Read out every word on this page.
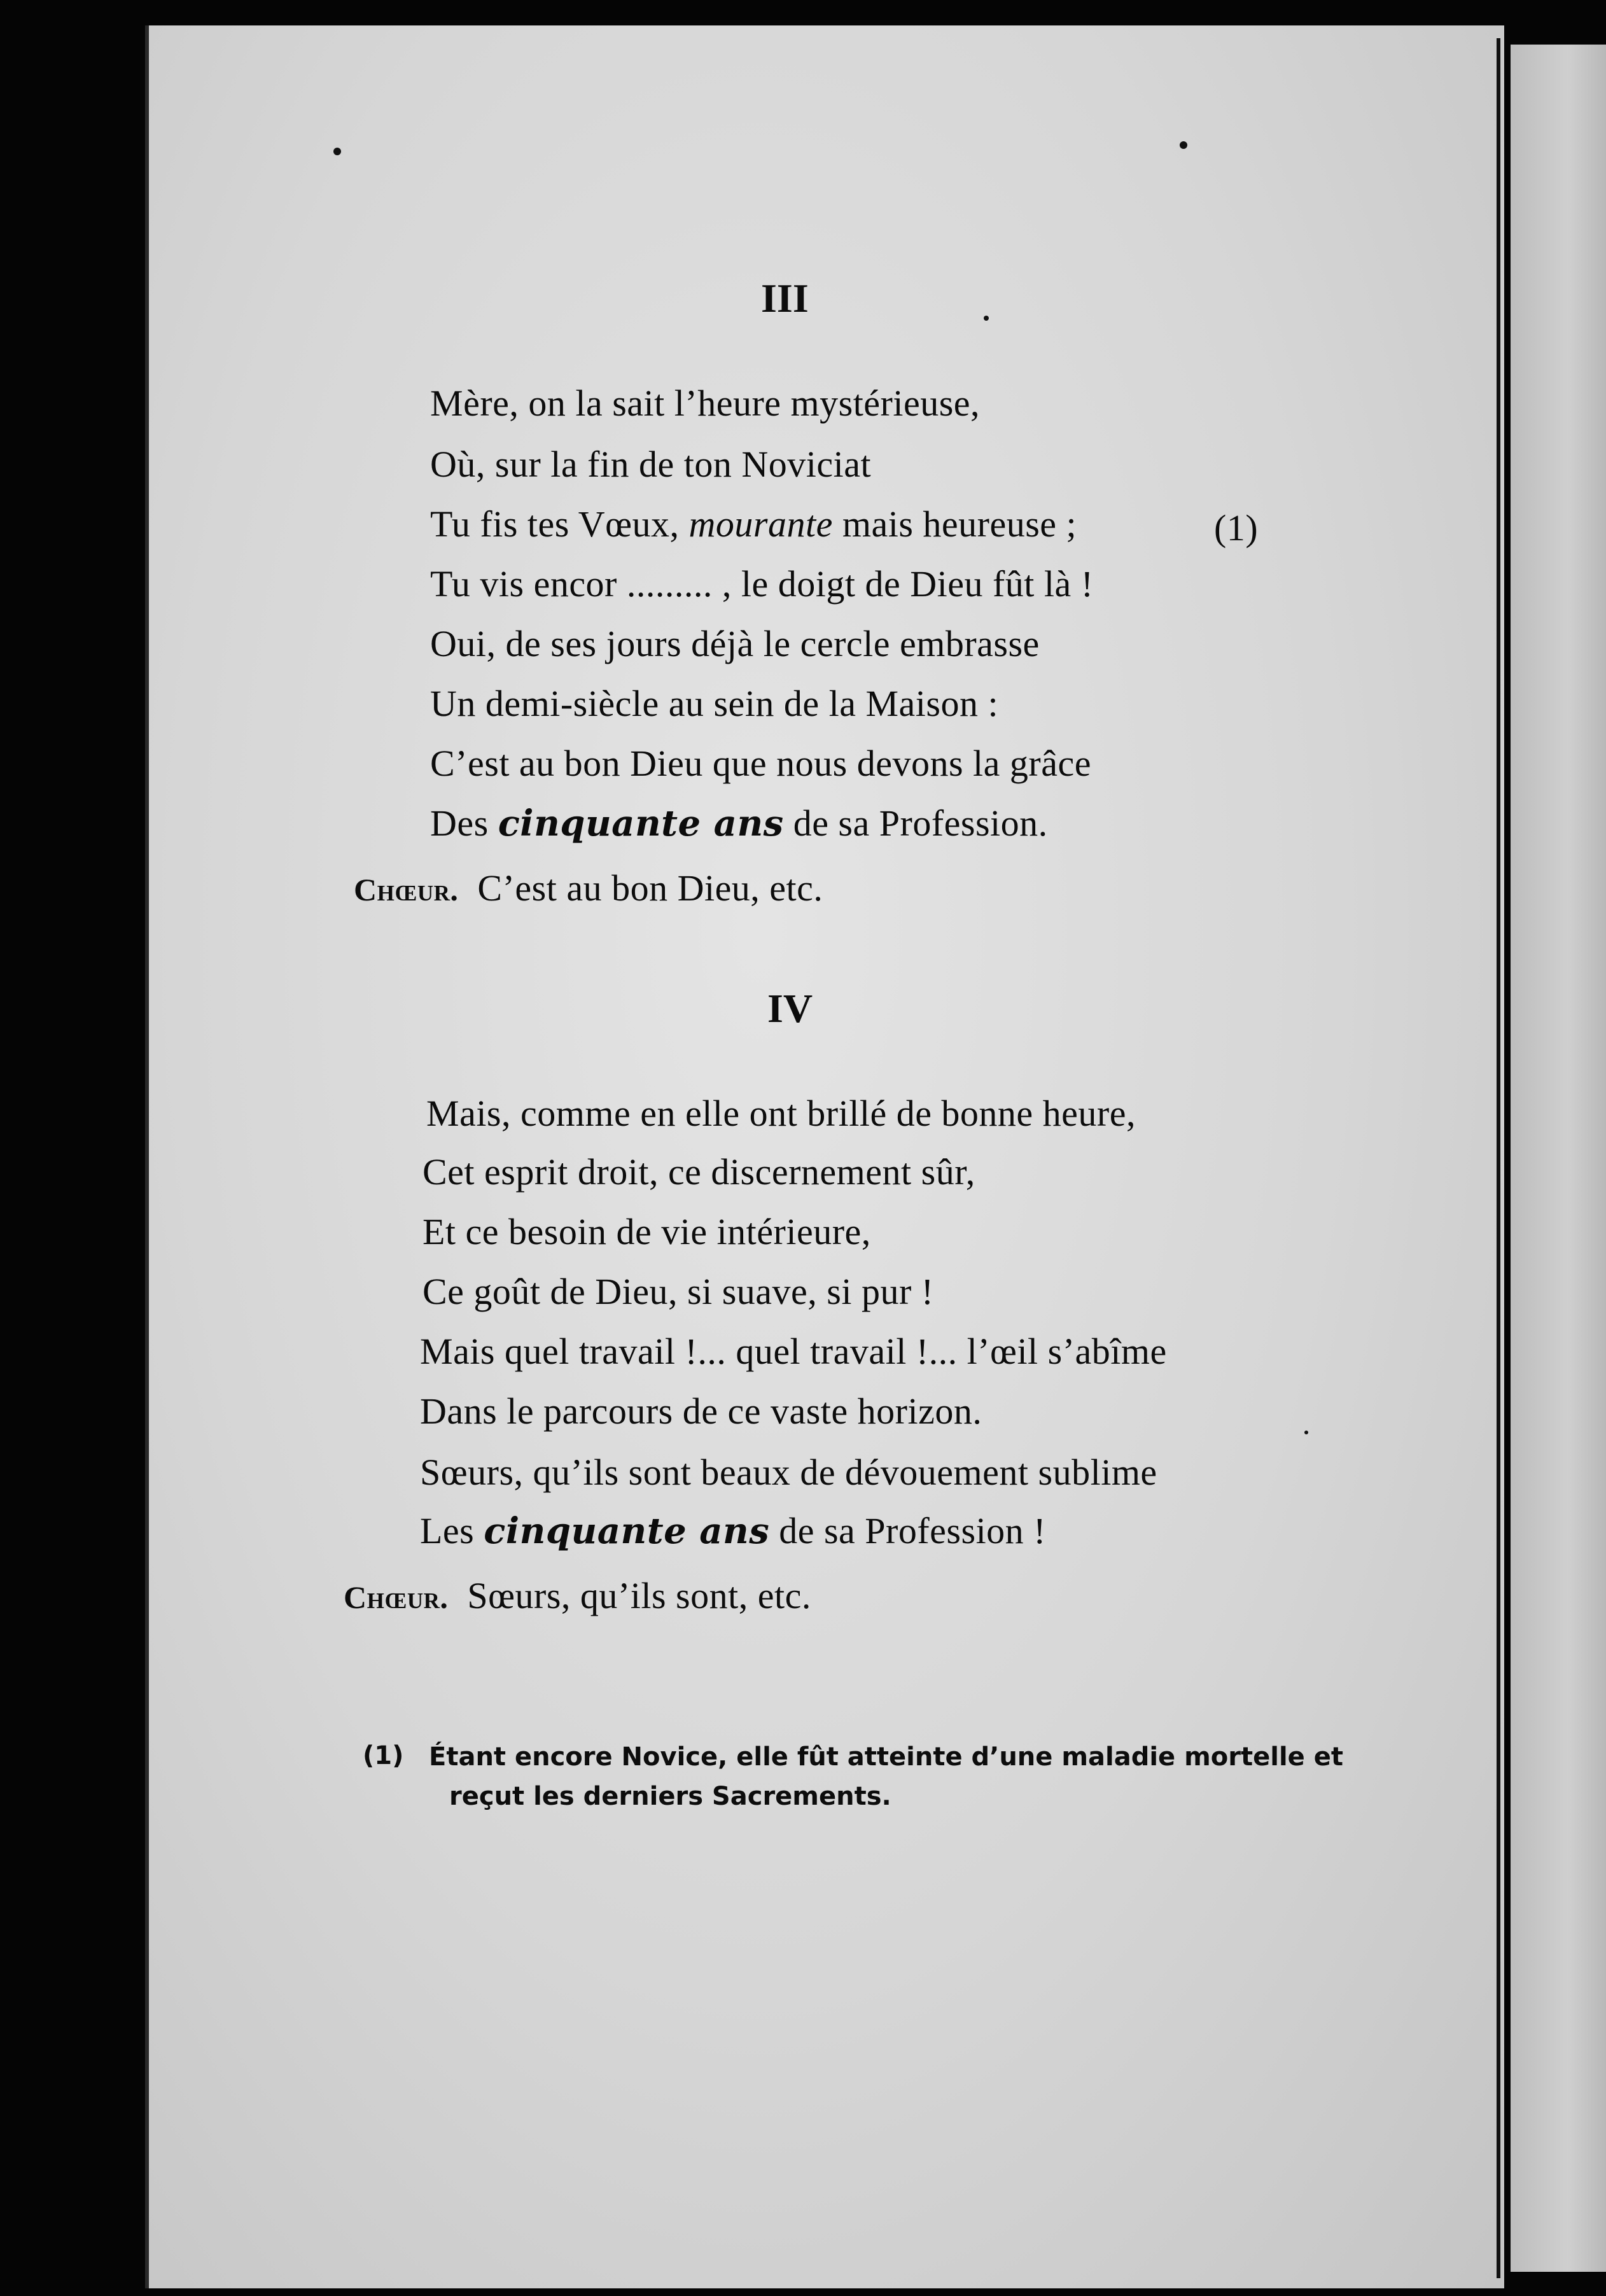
III
Mère, on la sait l’heure mystérieuse,
Où, sur la fin de ton Noviciat
Tu fis tes Vœux, mourante mais heureuse ;	(1)
Tu vis encor ......... , le doigt de Dieu fût là !
Oui, de ses jours déjà le cercle embrasse
Un demi-siècle au sein de la Maison :
C’est au bon Dieu que nous devons la grâce
Des cinquante ans de sa Profession.
Chœur. C’est au bon Dieu, etc.
IV
Mais, comme en elle ont brillé de bonne heure,
Cet esprit droit, ce discernement sûr,
Et ce besoin de vie intérieure,
Ce goût de Dieu, si suave, si pur !
Mais quel travail !... quel travail !... l’œil s’abîme
Dans le parcours de ce vaste horizon.
Sœurs, qu’ils sont beaux de dévouement sublime
Les cinquante ans de sa Profession !
Chœur. Sœurs, qu’ils sont, etc.
(1) Étant encore Novice, elle fût atteinte d’une maladie mortelle et
reçut les derniers Sacrements.
